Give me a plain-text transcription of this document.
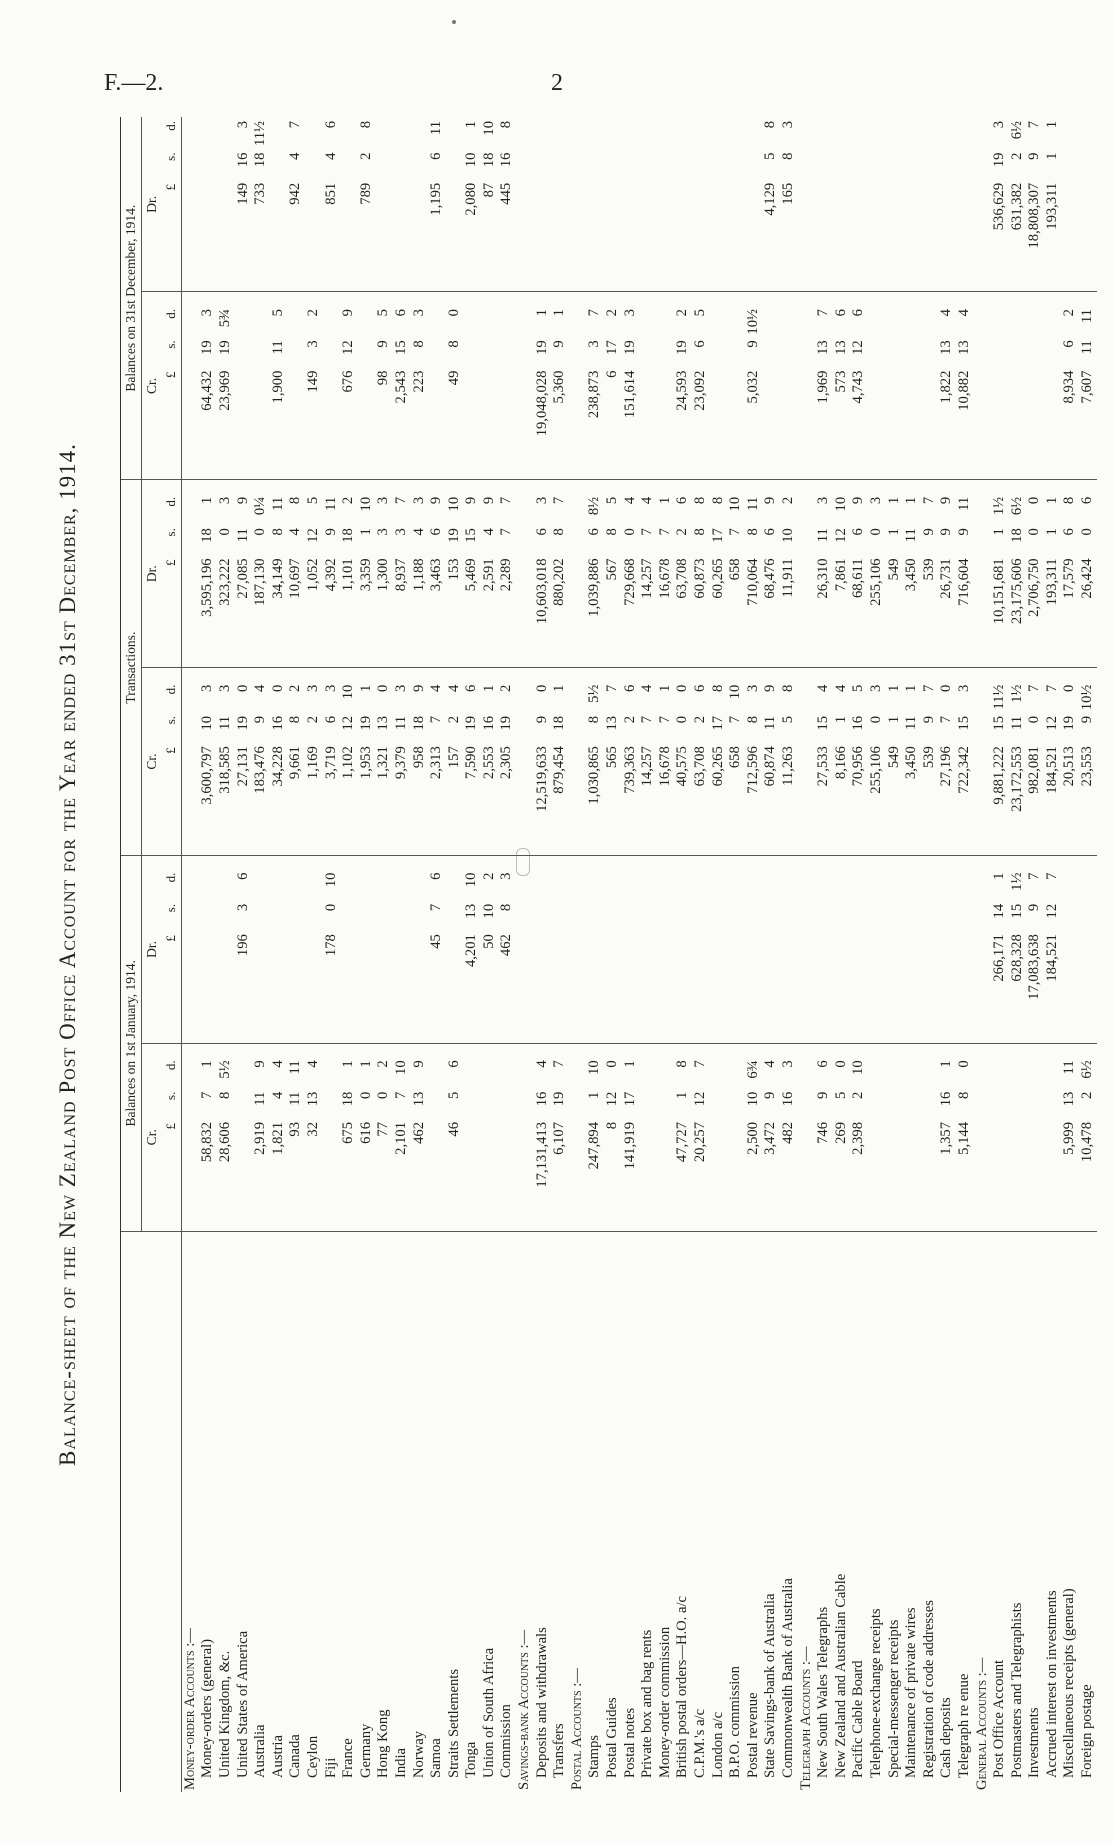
F.—2.	2
Balance-sheet of the New Zealand Post Office Account for the Year ended 31st December, 1914.
		Balances on 1st January, 1914.								Transactions.								Balances on 31st December, 1914.						
	Cr.				Dr.				Cr.				Dr.				Cr.				Dr.		
	£	s.	d.		£	s.	d.		£	s.	d.		£	s.	d.		£	s.	d.		£	s.	d.
Money-order Accounts :—																							
Money-orders (general)	58,832	7	1						3,600,797	10	3		3,595,196	18	1		64,432	19	3				
United Kingdom, &c.	28,606	8	5½						318,585	11	3		323,222	0	3		23,969	19	5¾				
United States of America					196	3	6		27,131	19	0		27,085	11	9						149	16	3
Australia	2,919	11	9						183,476	9	4		187,130	0	0¼						733	18	11½
Austria	1,821	4	4						34,228	16	0		34,149	8	11		1,900	11	5				
Canada	93	11	11						9,661	8	2		10,697	4	8						942	4	7
Ceylon	32	13	4						1,169	2	3		1,052	12	5		149	3	2				
Fiji					178	0	10		3,719	6	3		4,392	9	11						851	4	6
France	675	18	1						1,102	12	10		1,101	18	2		676	12	9				
Germany	616	0	1						1,953	19	1		3,359	1	10						789	2	8
Hong Kong	77	0	2						1,321	13	0		1,300	3	3		98	9	5				
India	2,101	7	10						9,379	11	3		8,937	3	7		2,543	15	6				
Norway	462	13	9						958	18	9		1,188	4	3		223	8	3				
Samoa					45	7	6		2,313	7	4		3,463	6	9						1,195	6	11
Straits Settlements	46	5	6						157	2	4		153	19	10		49	8	0				
Tonga					4,201	13	10		7,590	19	6		5,469	15	9						2,080	10	1
Union of South Africa					50	10	2		2,553	16	1		2,591	4	9						87	18	10
Commission					462	8	3		2,305	19	2		2,289	7	7						445	16	8
Savings-bank Accounts :—																							
Deposits and withdrawals	17,131,413	16	4						12,519,633	9	0		10,603,018	6	3		19,048,028	19	1				
Transfers	6,107	19	7						879,454	18	1		880,202	8	7		5,360	9	1				
Postal Accounts :—																							
Stamps	247,894	1	10						1,030,865	8	5½		1,039,886	6	8½		238,873	3	7				
Postal Guides	8	12	0						565	13	7		567	8	5		6	17	2				
Postal notes	141,919	17	1						739,363	2	6		729,668	0	4		151,614	19	3				
Private box and bag rents									14,257	7	4		14,257	7	4								
Money-order commission									16,678	7	1		16,678	7	1								
British postal orders—H.O. a/c	47,727	1	8						40,575	0	0		63,708	2	6		24,593	19	2				
C.P.M.'s a/c	20,257	12	7						63,708	2	6		60,873	8	8		23,092	6	5				
London a/c									60,265	17	8		60,265	17	8								
B.P.O. commission									658	7	10		658	7	10								
Postal revenue	2,500	10	6¾						712,596	8	3		710,064	8	11		5,032	9	10½				
State Savings-bank of Australia	3,472	9	4						60,874	11	9		68,476	6	9						4,129	5	8
Commonwealth Bank of Australia	482	16	3						11,263	5	8		11,911	10	2						165	8	3
Telegraph Accounts :—																							
New South Wales Telegraphs	746	9	6						27,533	15	4		26,310	11	3		1,969	13	7				
New Zealand and Australian Cable	269	5	0						8,166	1	4		7,861	12	10		573	13	6				
Pacific Cable Board	2,398	2	10						70,956	16	5		68,611	6	9		4,743	12	6				
Telephone-exchange receipts									255,106	0	3		255,106	0	3								
Special-messenger receipts									549	1	1		549	1	1								
Maintenance of private wires									3,450	11	1		3,450	11	1								
Registration of code addresses									539	9	7		539	9	7								
Cash deposits	1,357	16	1						27,196	7	0		26,731	9	9		1,822	13	4				
Telegraph re enue	5,144	8	0						722,342	15	3		716,604	9	11		10,882	13	4				
General Accounts :—																							
Post Office Account					266,171	14	1		9,881,222	15	11½		10,151,681	1	1½						536,629	19	3
Postmasters and Telegraphists					628,328	15	1½		23,172,553	11	1½		23,175,606	18	6½						631,382	2	6½
Investments					17,083,638	9	7		982,081	0	7		2,706,750	0	0						18,808,307	9	7
Accrued interest on investments					184,521	12	7		184,521	12	7		193,311	1	1						193,311	1	1
Miscellaneous receipts (general)	5,999	13	11						20,513	19	0		17,579	6	8		8,934	6	2				
Foreign postage	10,478	2	6½						23,553	9	10½		26,424	0	6		7,607	11	11				
